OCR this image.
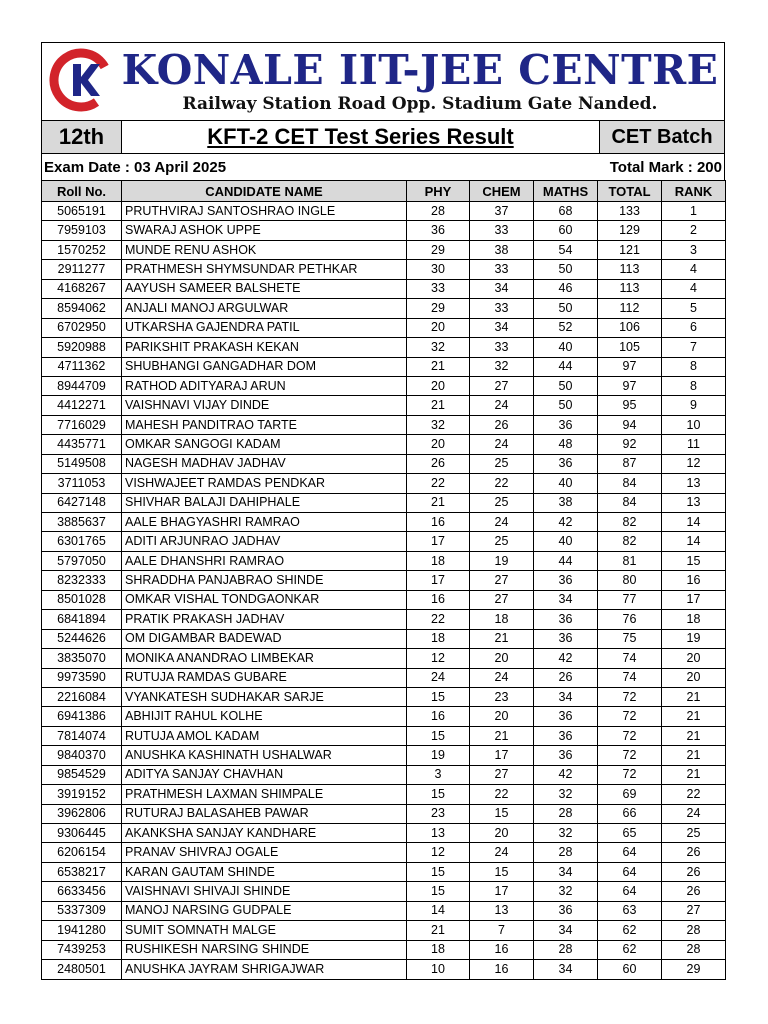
KONALE IIT-JEE CENTRE
Railway Station Road Opp. Stadium Gate Nanded.
12th	KFT-2 CET Test Series Result	CET Batch
Exam Date : 03 April 2025	Total Mark : 200
Roll No.	CANDIDATE NAME	PHY	CHEM	MATHS	TOTAL	RANK
5065191	PRUTHVIRAJ SANTOSHRAO INGLE	28	37	68	133	1
7959103	SWARAJ ASHOK UPPE	36	33	60	129	2
1570252	MUNDE RENU ASHOK	29	38	54	121	3
2911277	PRATHMESH SHYMSUNDAR PETHKAR	30	33	50	113	4
4168267	AAYUSH SAMEER BALSHETE	33	34	46	113	4
8594062	ANJALI MANOJ ARGULWAR	29	33	50	112	5
6702950	UTKARSHA GAJENDRA PATIL	20	34	52	106	6
5920988	PARIKSHIT PRAKASH KEKAN	32	33	40	105	7
4711362	SHUBHANGI GANGADHAR DOM	21	32	44	97	8
8944709	RATHOD ADITYARAJ ARUN	20	27	50	97	8
4412271	VAISHNAVI VIJAY DINDE	21	24	50	95	9
7716029	MAHESH PANDITRAO TARTE	32	26	36	94	10
4435771	OMKAR SANGOGI KADAM	20	24	48	92	11
5149508	NAGESH MADHAV JADHAV	26	25	36	87	12
3711053	VISHWAJEET RAMDAS PENDKAR	22	22	40	84	13
6427148	SHIVHAR BALAJI DAHIPHALE	21	25	38	84	13
3885637	AALE BHAGYASHRI RAMRAO	16	24	42	82	14
6301765	ADITI ARJUNRAO JADHAV	17	25	40	82	14
5797050	AALE DHANSHRI RAMRAO	18	19	44	81	15
8232333	SHRADDHA PANJABRAO SHINDE	17	27	36	80	16
8501028	OMKAR VISHAL TONDGAONKAR	16	27	34	77	17
6841894	PRATIK PRAKASH JADHAV	22	18	36	76	18
5244626	OM DIGAMBAR BADEWAD	18	21	36	75	19
3835070	MONIKA ANANDRAO LIMBEKAR	12	20	42	74	20
9973590	RUTUJA RAMDAS GUBARE	24	24	26	74	20
2216084	VYANKATESH SUDHAKAR SARJE	15	23	34	72	21
6941386	ABHIJIT RAHUL KOLHE	16	20	36	72	21
7814074	RUTUJA AMOL KADAM	15	21	36	72	21
9840370	ANUSHKA KASHINATH USHALWAR	19	17	36	72	21
9854529	ADITYA SANJAY CHAVHAN	3	27	42	72	21
3919152	PRATHMESH LAXMAN SHIMPALE	15	22	32	69	22
3962806	RUTURAJ BALASAHEB PAWAR	23	15	28	66	24
9306445	AKANKSHA SANJAY KANDHARE	13	20	32	65	25
6206154	PRANAV SHIVRAJ OGALE	12	24	28	64	26
6538217	KARAN GAUTAM SHINDE	15	15	34	64	26
6633456	VAISHNAVI SHIVAJI SHINDE	15	17	32	64	26
5337309	MANOJ NARSING GUDPALE	14	13	36	63	27
1941280	SUMIT SOMNATH MALGE	21	7	34	62	28
7439253	RUSHIKESH NARSING SHINDE	18	16	28	62	28
2480501	ANUSHKA JAYRAM SHRIGAJWAR	10	16	34	60	29
